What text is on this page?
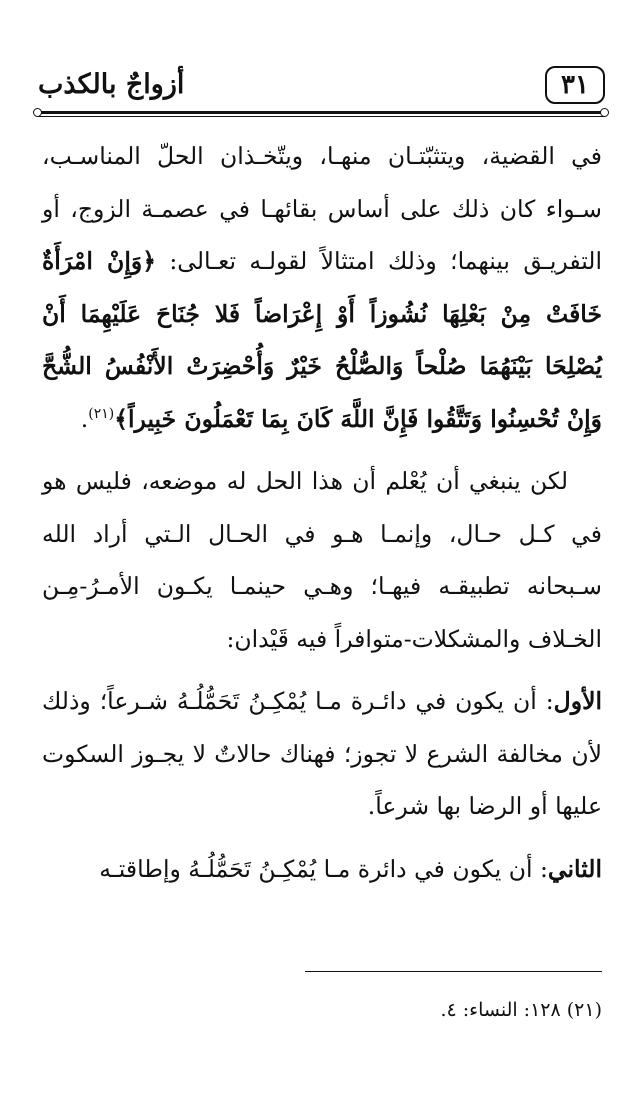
٣١
أزواجٌ بالكذب

في القضية، ويتثبّتـان منهـا، ويتّخـذان الحلّ المناسـب، سـواء كان ذلك على أساس بقائهـا في عصمـة الزوج، أو التفريـق بينهما؛ وذلك امتثالاً لقولـه تعـالى: ﴿وَإِنْ امْرَأَةٌ خَافَتْ مِنْ بَعْلِهَا نُشُوزاً أَوْ إِعْرَاضاً فَلا جُنَاحَ عَلَيْهِمَا أَنْ يُصْلِحَا بَيْنَهُمَا صُلْحاً وَالصُّلْحُ خَيْرٌ وَأُحْضِرَتْ الأَنْفُسُ الشُّحَّ وَإِنْ تُحْسِنُوا وَتَتَّقُوا فَإِنَّ اللَّهَ كَانَ بِمَا تَعْمَلُونَ خَبِيراً﴾$^{(٢١)}$.

لكن ينبغي أن يُعْلم أن هذا الحل له موضعه، فليس هو في كـل حـال، وإنمـا هـو في الحـال الـتي أراد الله سـبحانه تطبيقـه فيهـا؛ وهـي حينمـا يكـون الأمـرُ-مِـن الخـلاف والمشكلات-متوافراً فيه قَيْدان:

الأول: أن يكون في دائـرة مـا يُمْكِـنُ تَحَمُّلُـهُ شـرعاً؛ وذلك لأن مخالفة الشرع لا تجوز؛ فهناك حالاتٌ لا يجـوز السكوت عليها أو الرضا بها شرعاً.

الثاني: أن يكون في دائرة مـا يُمْكِـنُ تَحَمُّلُـهُ وإطاقتـه

(٢١) ١٢٨: النساء: ٤.
